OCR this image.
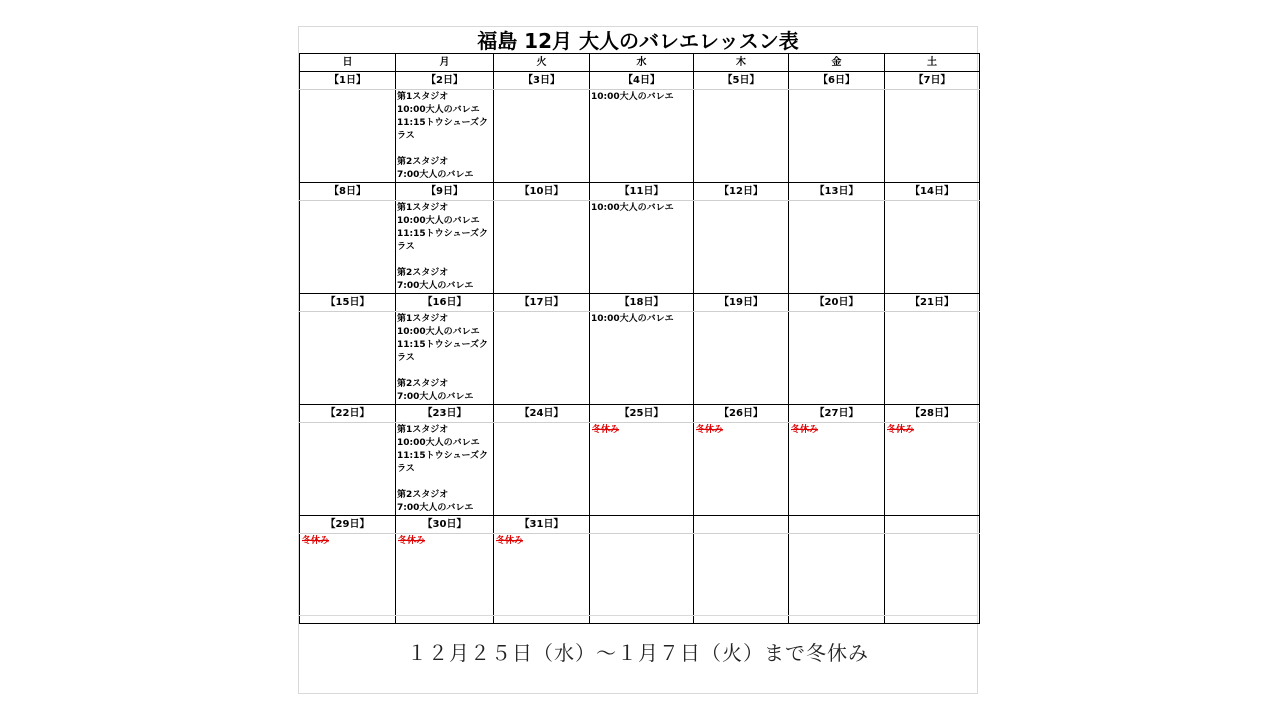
福島 12月 大人のバレエレッスン表
日	月	火	水	木	金	土
【1日】	【2日】	【3日】	【4日】	【5日】	【6日】	【7日】

	第1スタジオ
10:00大人のバレエ
11:15トウシューズクラス

第2スタジオ
7:00大人のバレエ		10:00大人のバレエ			

【8日】	【9日】	【10日】	【11日】	【12日】	【13日】	【14日】

	第1スタジオ
10:00大人のバレエ
11:15トウシューズクラス

第2スタジオ
7:00大人のバレエ		10:00大人のバレエ			

【15日】	【16日】	【17日】	【18日】	【19日】	【20日】	【21日】

	第1スタジオ
10:00大人のバレエ
11:15トウシューズクラス

第2スタジオ
7:00大人のバレエ		10:00大人のバレエ			

【22日】	【23日】	【24日】	【25日】	【26日】	【27日】	【28日】

	第1スタジオ
10:00大人のバレエ
11:15トウシューズクラス

第2スタジオ
7:00大人のバレエ		冬休み	冬休み	冬休み	冬休み

【29日】	【30日】	【31日】				

冬休み	冬休み	冬休み				

１２月２５日（水）〜１月７日（火）まで冬休み
